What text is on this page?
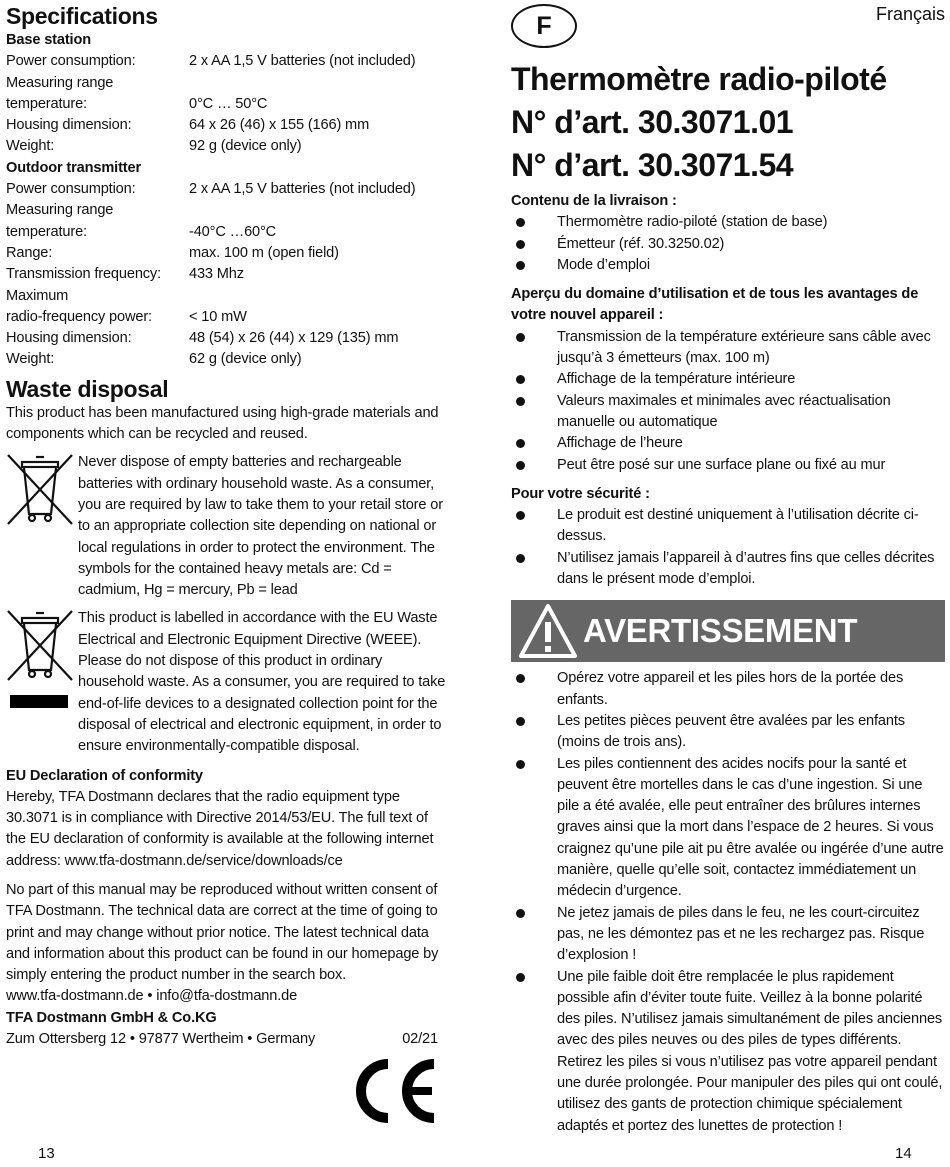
Specifications
Base station
Power consumption:	2 x AA 1,5 V batteries (not included)
Measuring range
temperature:	0°C … 50°C
Housing dimension:	64 x 26 (46) x 155 (166) mm
Weight:	92 g (device only)
Outdoor transmitter
Power consumption:	2 x AA 1,5 V batteries (not included)
Measuring range
temperature:	-40°C …60°C
Range:	max. 100 m (open field)
Transmission frequency:	433 Mhz
Maximum
radio-frequency power:	< 10 mW
Housing dimension:	48 (54) x 26 (44) x 129 (135) mm
Weight:	62 g (device only)
Waste disposal
This product has been manufactured using high-grade materials and components which can be recycled and reused.
Never dispose of empty batteries and rechargeable batteries with ordinary household waste. As a consumer, you are required by law to take them to your retail store or to an appropriate collection site depending on national or local regulations in order to protect the environment. The symbols for the contained heavy metals are: Cd = cadmium, Hg = mercury, Pb = lead
This product is labelled in accordance with the EU Waste Electrical and Electronic Equipment Directive (WEEE). Please do not dispose of this product in ordinary household waste. As a consumer, you are required to take end-of-life devices to a designated collection point for the disposal of electrical and electronic equipment, in order to ensure environmentally-compatible disposal.
EU Declaration of conformity
Hereby, TFA Dostmann declares that the radio equipment type 30.3071 is in compliance with Directive 2014/53/EU. The full text of the EU declaration of conformity is available at the following internet address: www.tfa-dostmann.de/service/downloads/ce
No part of this manual may be reproduced without written consent of TFA Dostmann. The technical data are correct at the time of going to print and may change without prior notice. The latest technical data and information about this product can be found in our homepage by simply entering the product number in the search box.
www.tfa-dostmann.de • info@tfa-dostmann.de
TFA Dostmann GmbH & Co.KG
Zum Ottersberg 12 • 97877 Wertheim • Germany	02/21
13
F	Français
Thermomètre radio-piloté
N° d’art. 30.3071.01
N° d’art. 30.3071.54
Contenu de la livraison :
Thermomètre radio-piloté (station de base)
Émetteur (réf. 30.3250.02)
Mode d’emploi
Aperçu du domaine d’utilisation et de tous les avantages de votre nouvel appareil :
Transmission de la température extérieure sans câble avec jusqu’à 3 émetteurs (max. 100 m)
Affichage de la température intérieure
Valeurs maximales et minimales avec réactualisation manuelle ou automatique
Affichage de l’heure
Peut être posé sur une surface plane ou fixé au mur
Pour votre sécurité :
Le produit est destiné uniquement à l’utilisation décrite ci-dessus.
N’utilisez jamais l’appareil à d’autres fins que celles décrites dans le présent mode d’emploi.
AVERTISSEMENT
Opérez votre appareil et les piles hors de la portée des enfants.
Les petites pièces peuvent être avalées par les enfants (moins de trois ans).
Les piles contiennent des acides nocifs pour la santé et peuvent être mortelles dans le cas d’une ingestion. Si une pile a été avalée, elle peut entraîner des brûlures internes graves ainsi que la mort dans l’espace de 2 heures. Si vous craignez qu’une pile ait pu être avalée ou ingérée d’une autre manière, quelle qu’elle soit, contactez immédiatement un médecin d’urgence.
Ne jetez jamais de piles dans le feu, ne les court-circuitez pas, ne les démontez pas et ne les rechargez pas. Risque d’explosion !
Une pile faible doit être remplacée le plus rapidement possible afin d’éviter toute fuite. Veillez à la bonne polarité des piles. N’utilisez jamais simultanément de piles anciennes avec des piles neuves ou des piles de types différents. Retirez les piles si vous n’utilisez pas votre appareil pendant une durée prolongée. Pour manipuler des piles qui ont coulé, utilisez des gants de protection chimique spécialement adaptés et portez des lunettes de protection !
14
